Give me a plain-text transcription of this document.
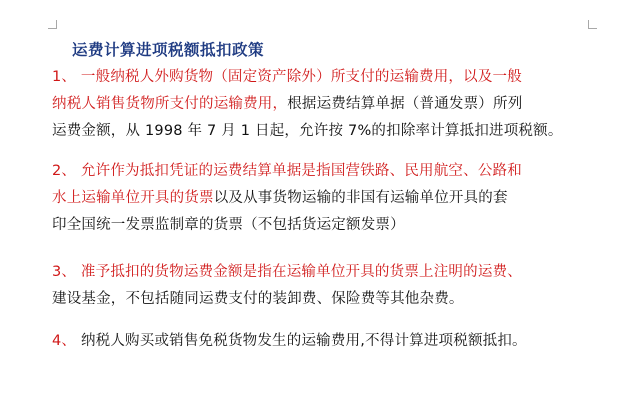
运费计算进项税额抵扣政策
1、 一般纳税人外购货物（固定资产除外）所支付的运输费用，以及一般
纳税人销售货物所支付的运输费用，根据运费结算单据（普通发票）所列
运费金额，从 1998 年 7 月 1 日起，允许按 7%的扣除率计算抵扣进项税额。
2、 允许作为抵扣凭证的运费结算单据是指国营铁路、民用航空、公路和
水上运输单位开具的货票以及从事货物运输的非国有运输单位开具的套
印全国统一发票监制章的货票（不包括货运定额发票）
3、 准予抵扣的货物运费金额是指在运输单位开具的货票上注明的运费、
建设基金，不包括随同运费支付的装卸费、保险费等其他杂费。
4、 纳税人购买或销售免税货物发生的运输费用,不得计算进项税额抵扣。
